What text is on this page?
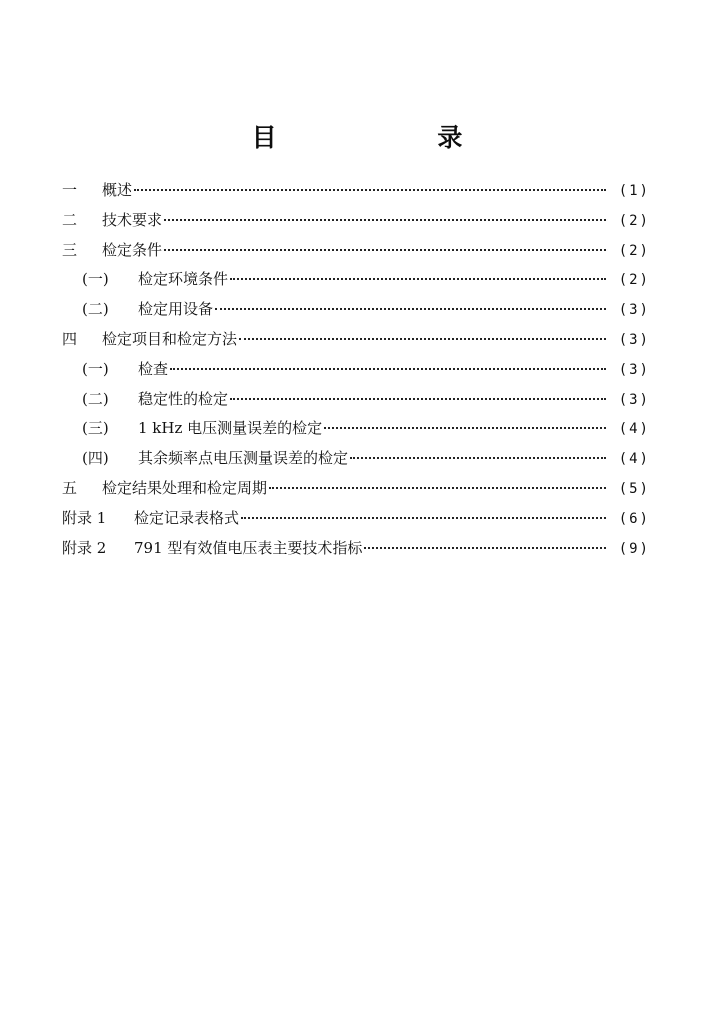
目 录
一	概述	(1)
二	技术要求	(2)
三	检定条件	(2)
(一)	检定环境条件	(2)
(二)	检定用设备	(3)
四	检定项目和检定方法	(3)
(一)	检查	(3)
(二)	稳定性的检定	(3)
(三)	1 kHz 电压测量误差的检定	(4)
(四)	其余频率点电压测量误差的检定	(4)
五	检定结果处理和检定周期	(5)
附录 1	检定记录表格式	(6)
附录 2	791 型有效值电压表主要技术指标	(9)
